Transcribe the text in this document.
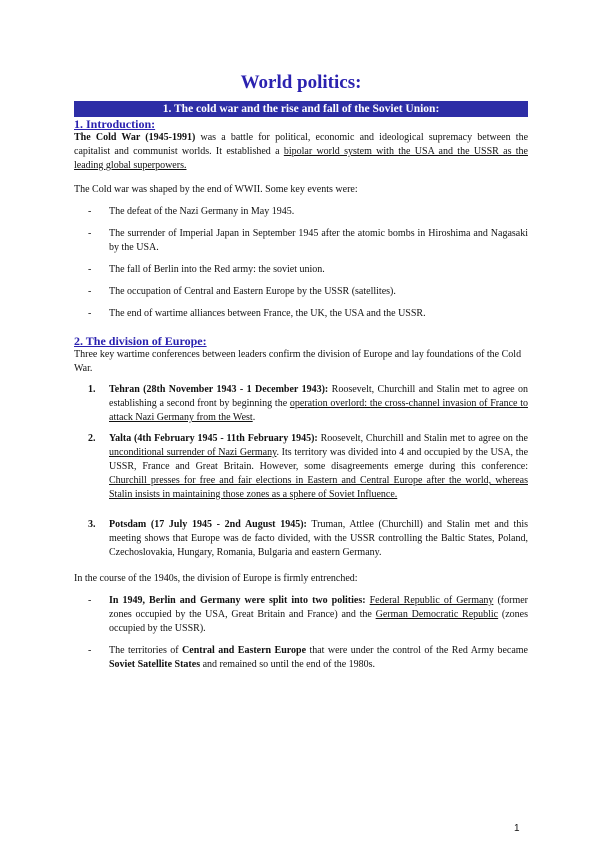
World politics:
1. The cold war and the rise and fall of the Soviet Union:
1. Introduction:
The Cold War (1945-1991) was a battle for political, economic and ideological supremacy between the capitalist and communist worlds. It established a bipolar world system with the USA and the USSR as the leading global superpowers.
The Cold war was shaped by the end of WWII. Some key events were:
- The defeat of the Nazi Germany in May 1945.
- The surrender of Imperial Japan in September 1945 after the atomic bombs in Hiroshima and Nagasaki by the USA.
- The fall of Berlin into the Red army: the soviet union.
- The occupation of Central and Eastern Europe by the USSR (satellites).
- The end of wartime alliances between France, the UK, the USA and the USSR.
2. The division of Europe:
Three key wartime conferences between leaders confirm the division of Europe and lay foundations of the Cold War.
1. Tehran (28th November 1943 - 1 December 1943): Roosevelt, Churchill and Stalin met to agree on establishing a second front by beginning the operation overlord: the cross-channel invasion of France to attack Nazi Germany from the West.
2. Yalta (4th February 1945 - 11th February 1945): Roosevelt, Churchill and Stalin met to agree on the unconditional surrender of Nazi Germany. Its territory was divided into 4 and occupied by the USA, the USSR, France and Great Britain. However, some disagreements emerge during this conference: Churchill presses for free and fair elections in Eastern and Central Europe after the world, whereas Stalin insists in maintaining those zones as a sphere of Soviet Influence.
3. Potsdam (17 July 1945 - 2nd August 1945): Truman, Attlee (Churchill) and Stalin met and this meeting shows that Europe was de facto divided, with the USSR controlling the Baltic States, Poland, Czechoslovakia, Hungary, Romania, Bulgaria and eastern Germany.
In the course of the 1940s, the division of Europe is firmly entrenched:
- In 1949, Berlin and Germany were split into two polities: Federal Republic of Germany (former zones occupied by the USA, Great Britain and France) and the German Democratic Republic (zones occupied by the USSR).
- The territories of Central and Eastern Europe that were under the control of the Red Army became Soviet Satellite States and remained so until the end of the 1980s.
1
